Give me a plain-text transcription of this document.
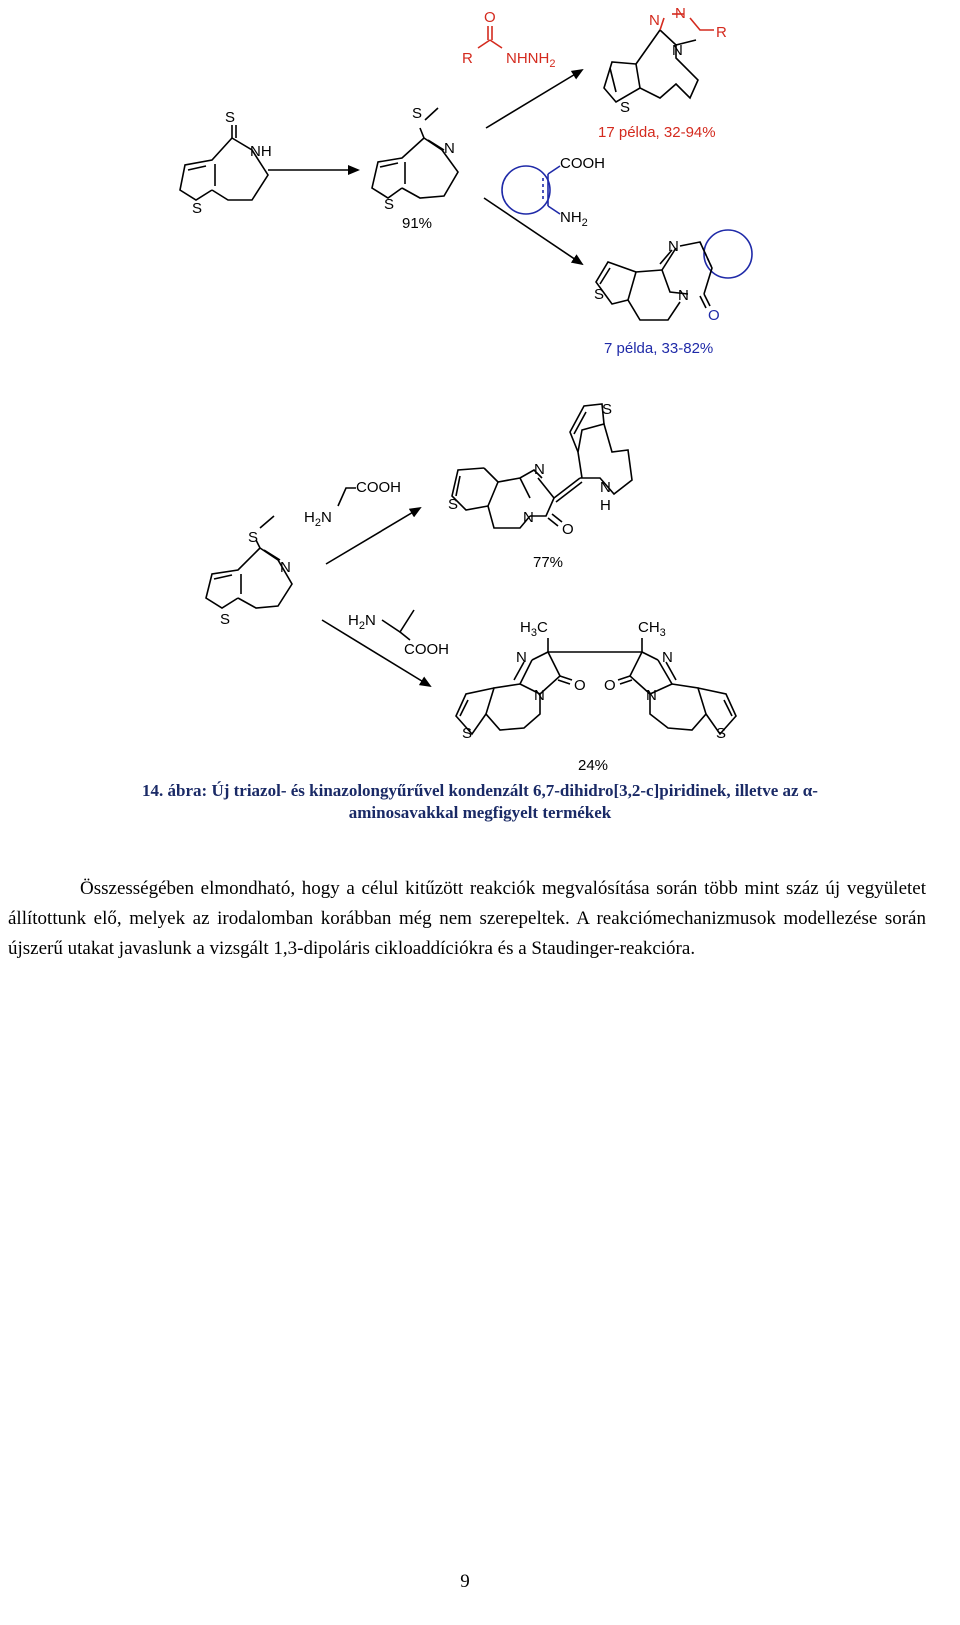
S
NH
S
S
N
S
91%
O
R $NHNH_2$
N N
N
R
S
17 példa, 32-94%
COOH
$NH_2$
N
N
O
S
7 példa, 33-82%
S
N
S
$H_2N$
COOH
S
S
N
N
N
H
O
77%
$H_2N$
COOH
$H_3C$	$CH_3$
N
N
O O
N
N
S	S
24%
14. ábra: Új triazol- és kinazolongyűrűvel kondenzált 6,7-dihidro[3,2-c]piridinek, illetve az α-
aminosavakkal megfigyelt termékek

Összességében elmondható, hogy a célul kitűzött reakciók megvalósítása során több mint száz új vegyületet állítottunk elő, melyek az irodalomban korábban még nem szerepeltek. A reakciómechanizmusok modellezése során újszerű utakat javaslunk a vizsgált 1,3-dipoláris cikloaddíciókra és a Staudinger-reakcióra.

9
